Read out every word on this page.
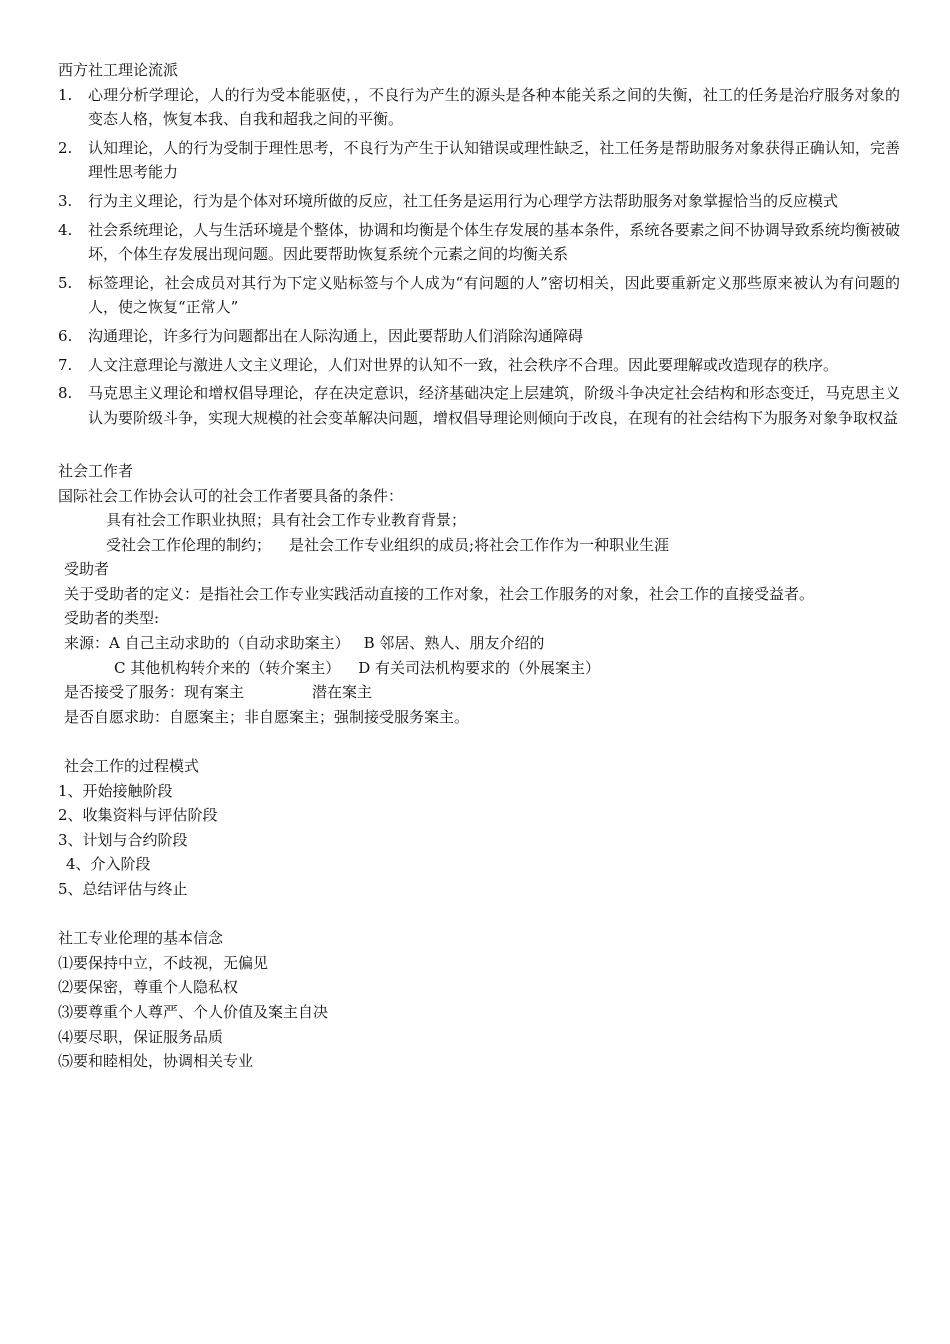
西方社工理论流派
1.	心理分析学理论，人的行为受本能驱使，，不良行为产生的源头是各种本能关系之间的失衡，社工的任务是治疗服务对象的变态人格，恢复本我、自我和超我之间的平衡。
2.	认知理论，人的行为受制于理性思考，不良行为产生于认知错误或理性缺乏，社工任务是帮助服务对象获得正确认知，完善理性思考能力
3.	行为主义理论，行为是个体对环境所做的反应，社工任务是运用行为心理学方法帮助服务对象掌握恰当的反应模式
4.	社会系统理论，人与生活环境是个整体，协调和均衡是个体生存发展的基本条件，系统各要素之间不协调导致系统均衡被破坏，个体生存发展出现问题。因此要帮助恢复系统个元素之间的均衡关系
5.	标签理论，社会成员对其行为下定义贴标签与个人成为“有问题的人”密切相关，因此要重新定义那些原来被认为有问题的人，使之恢复“正常人”
6.	沟通理论，许多行为问题都出在人际沟通上，因此要帮助人们消除沟通障碍
7.	人文注意理论与激进人文主义理论，人们对世界的认知不一致，社会秩序不合理。因此要理解或改造现存的秩序。
8.	马克思主义理论和增权倡导理论，存在决定意识，经济基础决定上层建筑，阶级斗争决定社会结构和形态变迁，马克思主义认为要阶级斗争，实现大规模的社会变革解决问题，增权倡导理论则倾向于改良，在现有的社会结构下为服务对象争取权益
社会工作者
国际社会工作协会认可的社会工作者要具备的条件：
具有社会工作职业执照；具有社会工作专业教育背景；
受社会工作伦理的制约； 是社会工作专业组织的成员;将社会工作作为一种职业生涯
受助者
关于受助者的定义：是指社会工作专业实践活动直接的工作对象，社会工作服务的对象，社会工作的直接受益者。
受助者的类型:
来源：A 自己主动求助的（自动求助案主） B 邻居、熟人、朋友介绍的
C 其他机构转介来的（转介案主） D 有关司法机构要求的（外展案主）
是否接受了服务：现有案主	潜在案主
是否自愿求助：自愿案主；非自愿案主；强制接受服务案主。
社会工作的过程模式
1、开始接触阶段
2、收集资料与评估阶段
3、计划与合约阶段
4、介入阶段
5、总结评估与终止
社工专业伦理的基本信念
⑴要保持中立，不歧视，无偏见
⑵要保密，尊重个人隐私权
⑶要尊重个人尊严、个人价值及案主自决
⑷要尽职，保证服务品质
⑸要和睦相处，协调相关专业
